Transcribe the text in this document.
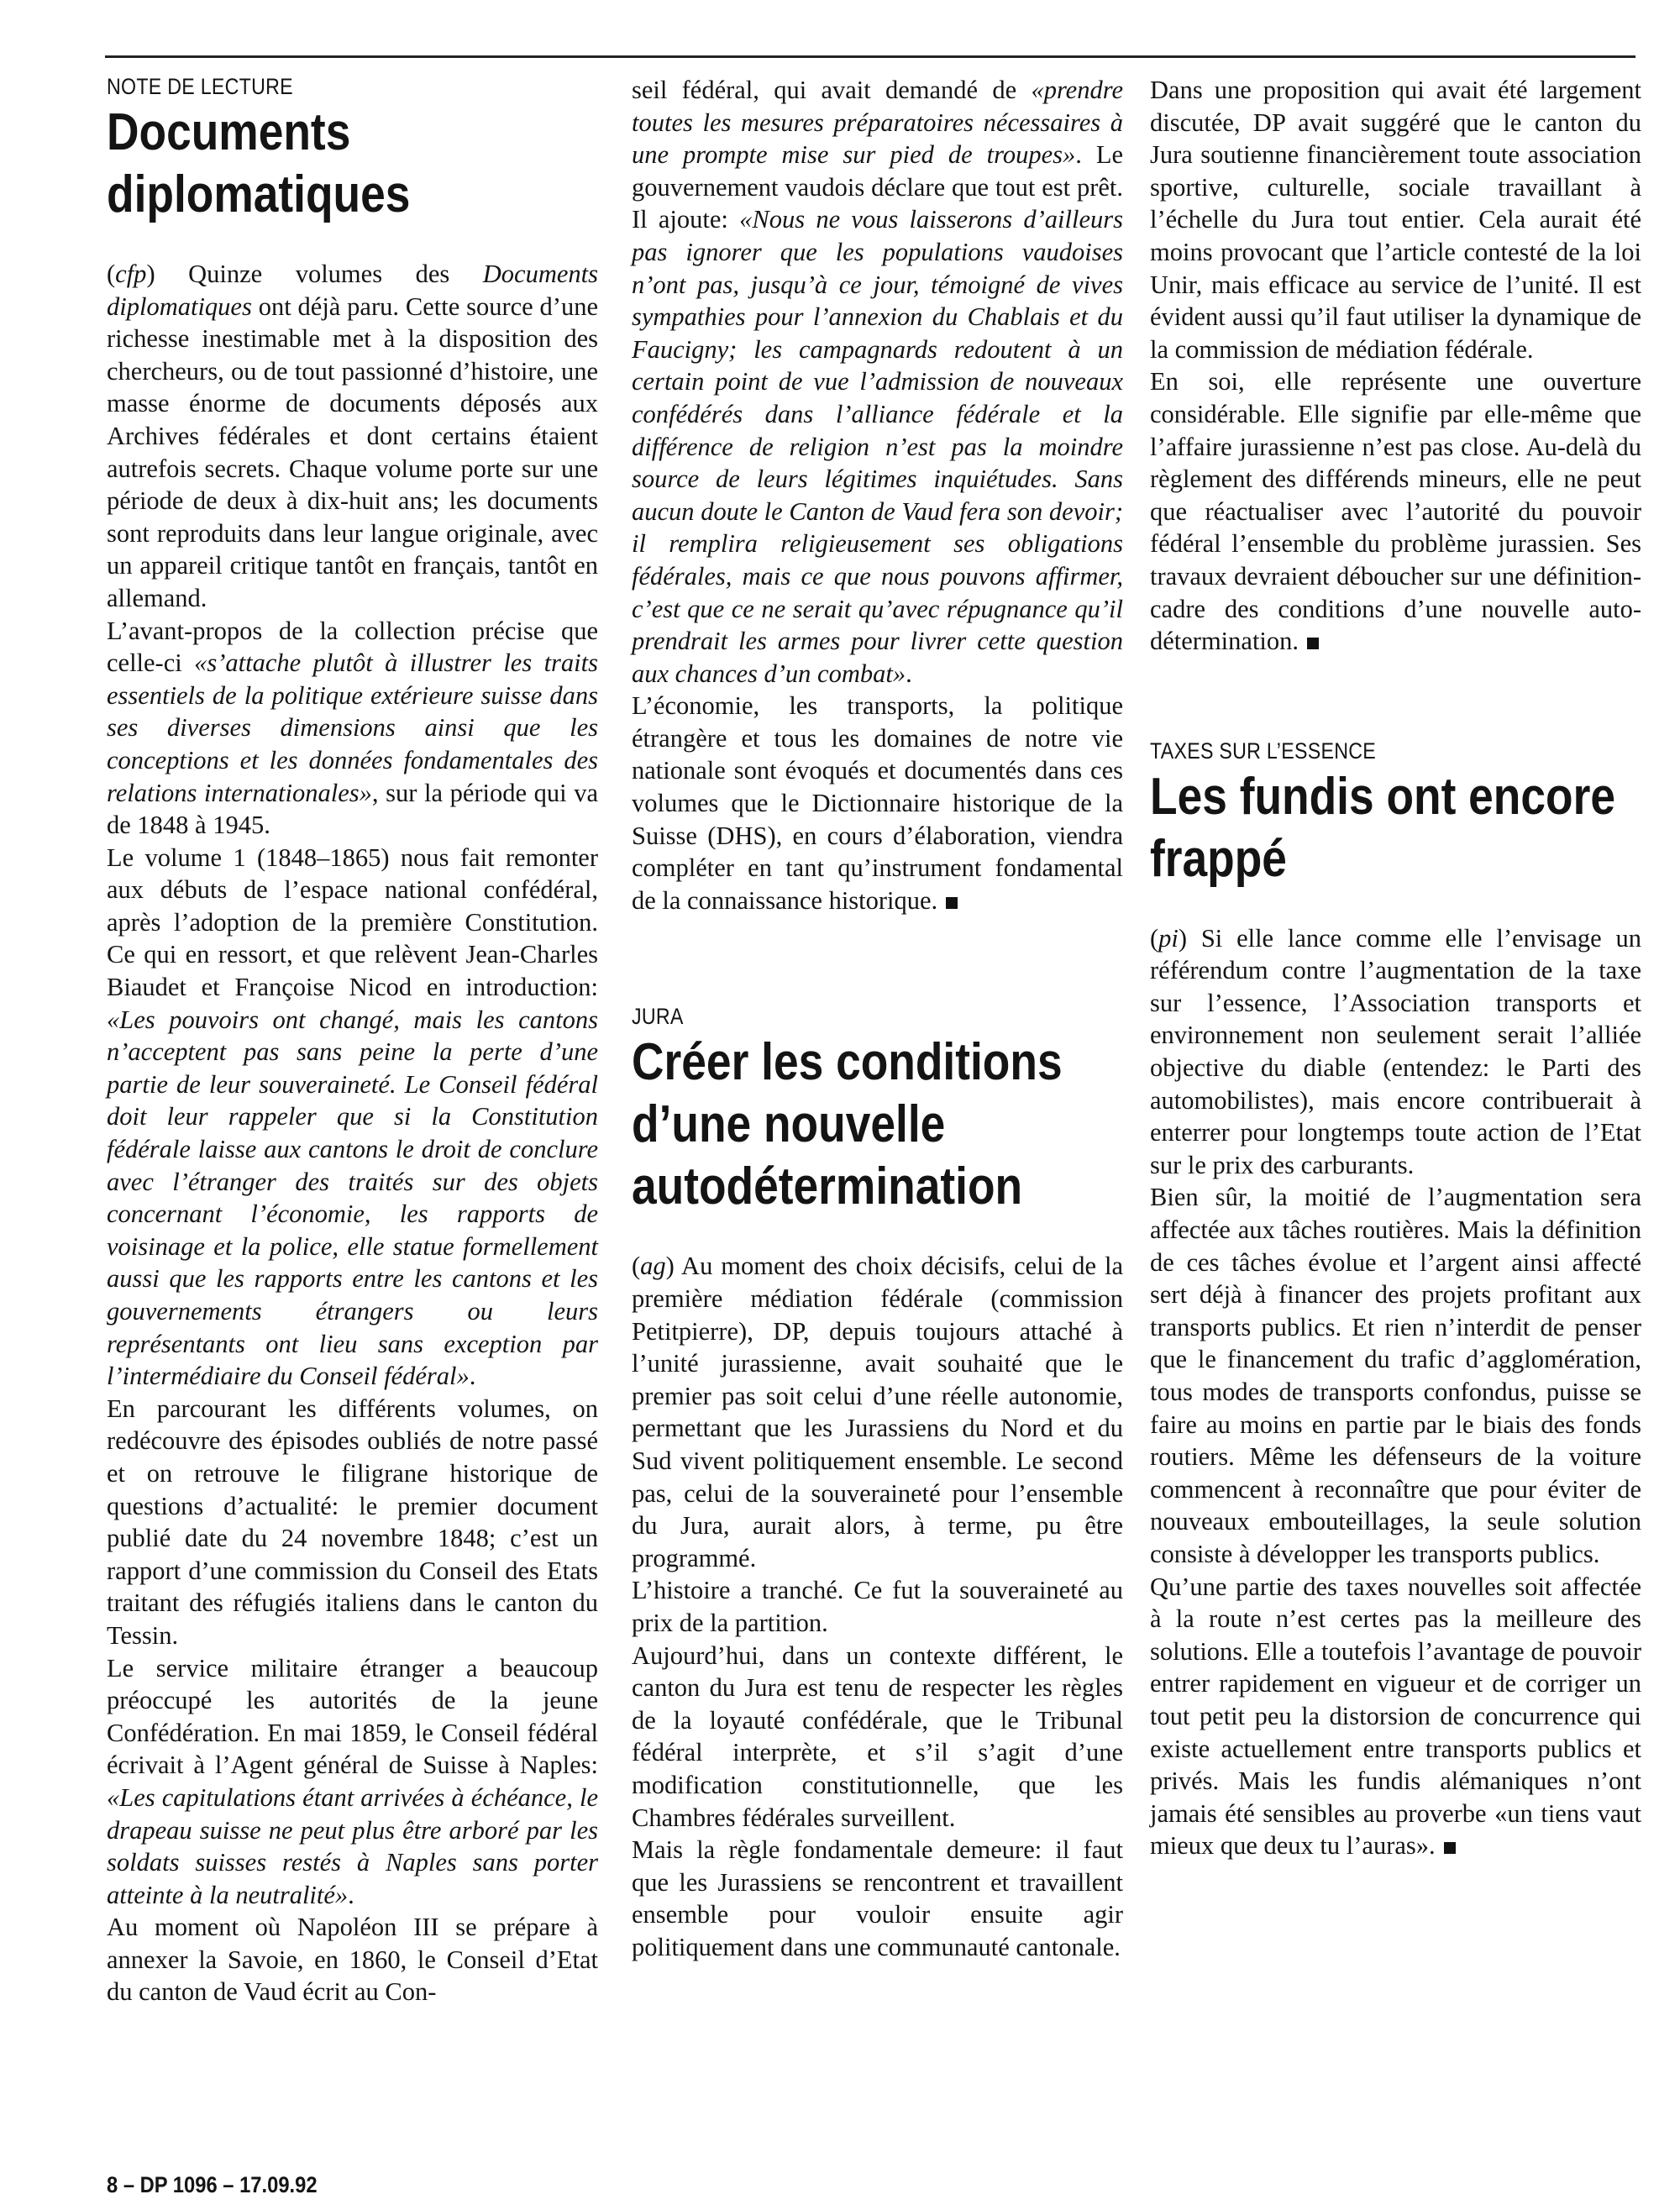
NOTE DE LECTURE
Documents diplomatiques

(cfp) Quinze volumes des Documents diplomatiques ont déjà paru. Cette source d’une richesse inestimable met à la disposition des chercheurs, ou de tout passionné d’histoire, une masse énorme de documents déposés aux Archives fédérales et dont certains étaient autrefois secrets. Chaque volume porte sur une période de deux à dix-huit ans; les documents sont reproduits dans leur langue originale, avec un appareil critique tantôt en français, tantôt en allemand.

L’avant-propos de la collection précise que celle-ci «s’attache plutôt à illustrer les traits essentiels de la politique extérieure suisse dans ses diverses dimensions ainsi que les conceptions et les données fondamentales des relations internationales», sur la période qui va de 1848 à 1945.

Le volume 1 (1848–1865) nous fait remonter aux débuts de l’espace national confédéral, après l’adoption de la première Constitution. Ce qui en ressort, et que relèvent Jean-Charles Biaudet et Françoise Nicod en introduction: «Les pouvoirs ont changé, mais les cantons n’acceptent pas sans peine la perte d’une partie de leur souveraineté. Le Conseil fédéral doit leur rappeler que si la Constitution fédérale laisse aux cantons le droit de conclure avec l’étranger des traités sur des objets concernant l’économie, les rapports de voisinage et la police, elle statue formellement aussi que les rapports entre les cantons et les gouvernements étrangers ou leurs représentants ont lieu sans exception par l’intermédiaire du Conseil fédéral».

En parcourant les différents volumes, on redécouvre des épisodes oubliés de notre passé et on retrouve le filigrane historique de questions d’actualité: le premier document publié date du 24 novembre 1848; c’est un rapport d’une commission du Conseil des Etats traitant des réfugiés italiens dans le canton du Tessin.

Le service militaire étranger a beaucoup préoccupé les autorités de la jeune Confédération. En mai 1859, le Conseil fédéral écrivait à l’Agent général de Suisse à Naples: «Les capitulations étant arrivées à échéance, le drapeau suisse ne peut plus être arboré par les soldats suisses restés à Naples sans porter atteinte à la neutralité».

Au moment où Napoléon III se prépare à annexer la Savoie, en 1860, le Conseil d’Etat du canton de Vaud écrit au Con-

seil fédéral, qui avait demandé de «prendre toutes les mesures préparatoires nécessaires à une prompte mise sur pied de troupes». Le gouvernement vaudois déclare que tout est prêt. Il ajoute: «Nous ne vous laisserons d’ailleurs pas ignorer que les populations vaudoises n’ont pas, jusqu’à ce jour, témoigné de vives sympathies pour l’annexion du Chablais et du Faucigny; les campagnards redoutent à un certain point de vue l’admission de nouveaux confédérés dans l’alliance fédérale et la différence de religion n’est pas la moindre source de leurs légitimes inquiétudes. Sans aucun doute le Canton de Vaud fera son devoir; il remplira religieusement ses obligations fédérales, mais ce que nous pouvons affirmer, c’est que ce ne serait qu’avec répugnance qu’il prendrait les armes pour livrer cette question aux chances d’un combat».

L’économie, les transports, la politique étrangère et tous les domaines de notre vie nationale sont évoqués et documentés dans ces volumes que le Dictionnaire historique de la Suisse (DHS), en cours d’élaboration, viendra compléter en tant qu’instrument fondamental de la connaissance historique.

JURA
Créer les conditions d’une nouvelle autodétermination

(ag) Au moment des choix décisifs, celui de la première médiation fédérale (commission Petitpierre), DP, depuis toujours attaché à l’unité jurassienne, avait souhaité que le premier pas soit celui d’une réelle autonomie, permettant que les Jurassiens du Nord et du Sud vivent politiquement ensemble. Le second pas, celui de la souveraineté pour l’ensemble du Jura, aurait alors, à terme, pu être programmé.

L’histoire a tranché. Ce fut la souveraineté au prix de la partition.

Aujourd’hui, dans un contexte différent, le canton du Jura est tenu de respecter les règles de la loyauté confédérale, que le Tribunal fédéral interprète, et s’il s’agit d’une modification constitutionnelle, que les Chambres fédérales surveillent.

Mais la règle fondamentale demeure: il faut que les Jurassiens se rencontrent et travaillent ensemble pour vouloir ensuite agir politiquement dans une communauté cantonale.

Dans une proposition qui avait été largement discutée, DP avait suggéré que le canton du Jura soutienne financièrement toute association sportive, culturelle, sociale travaillant à l’échelle du Jura tout entier. Cela aurait été moins provocant que l’article contesté de la loi Unir, mais efficace au service de l’unité. Il est évident aussi qu’il faut utiliser la dynamique de la commission de médiation fédérale.

En soi, elle représente une ouverture considérable. Elle signifie par elle-même que l’affaire jurassienne n’est pas close. Au-delà du règlement des différends mineurs, elle ne peut que réactualiser avec l’autorité du pouvoir fédéral l’ensemble du problème jurassien. Ses travaux devraient déboucher sur une définition-cadre des conditions d’une nouvelle auto-détermination.

TAXES SUR L’ESSENCE
Les fundis ont encore frappé

(pi) Si elle lance comme elle l’envisage un référendum contre l’augmentation de la taxe sur l’essence, l’Association transports et environnement non seulement serait l’alliée objective du diable (entendez: le Parti des automobilistes), mais encore contribuerait à enterrer pour longtemps toute action de l’Etat sur le prix des carburants.

Bien sûr, la moitié de l’augmentation sera affectée aux tâches routières. Mais la définition de ces tâches évolue et l’argent ainsi affecté sert déjà à financer des projets profitant aux transports publics. Et rien n’interdit de penser que le financement du trafic d’agglomération, tous modes de transports confondus, puisse se faire au moins en partie par le biais des fonds routiers. Même les défenseurs de la voiture commencent à reconnaître que pour éviter de nouveaux embouteillages, la seule solution consiste à développer les transports publics.

Qu’une partie des taxes nouvelles soit affectée à la route n’est certes pas la meilleure des solutions. Elle a toutefois l’avantage de pouvoir entrer rapidement en vigueur et de corriger un tout petit peu la distorsion de concurrence qui existe actuellement entre transports publics et privés. Mais les fundis alémaniques n’ont jamais été sensibles au proverbe «un tiens vaut mieux que deux tu l’auras».

8 – DP 1096 – 17.09.92
